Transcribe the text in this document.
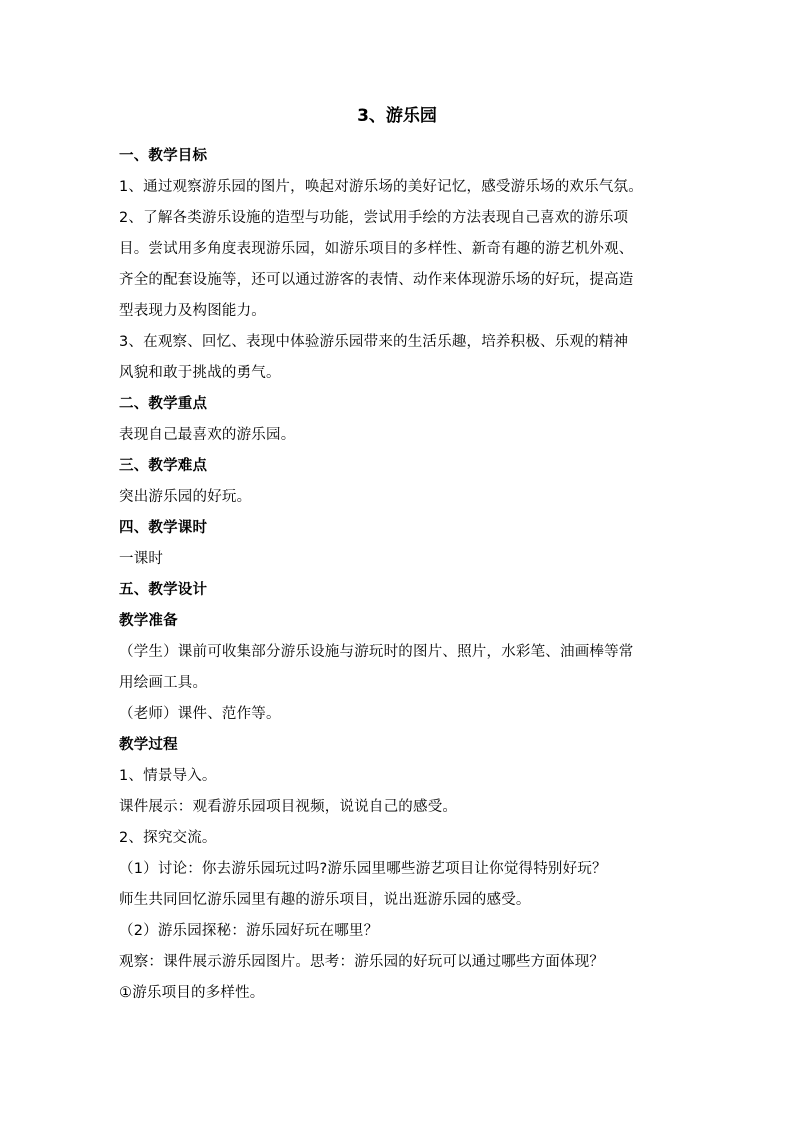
3、游乐园
一、教学目标
1、通过观察游乐园的图片，唤起对游乐场的美好记忆，感受游乐场的欢乐气氛。
2、了解各类游乐设施的造型与功能，尝试用手绘的方法表现自己喜欢的游乐项
目。尝试用多角度表现游乐园，如游乐项目的多样性、新奇有趣的游艺机外观、
齐全的配套设施等，还可以通过游客的表情、动作来体现游乐场的好玩，提高造
型表现力及构图能力。
3、在观察、回忆、表现中体验游乐园带来的生活乐趣，培养积极、乐观的精神
风貌和敢于挑战的勇气。
二、教学重点
表现自己最喜欢的游乐园。
三、教学难点
突出游乐园的好玩。
四、教学课时
一课时
五、教学设计
教学准备
（学生）课前可收集部分游乐设施与游玩时的图片、照片，水彩笔、油画棒等常
用绘画工具。
（老师）课件、范作等。
教学过程
1、情景导入。
课件展示：观看游乐园项目视频，说说自己的感受。
2、探究交流。
（1）讨论：你去游乐园玩过吗?游乐园里哪些游艺项目让你觉得特别好玩？
师生共同回忆游乐园里有趣的游乐项目，说出逛游乐园的感受。
（2）游乐园探秘：游乐园好玩在哪里？
观察：课件展示游乐园图片。思考：游乐园的好玩可以通过哪些方面体现？
①游乐项目的多样性。
